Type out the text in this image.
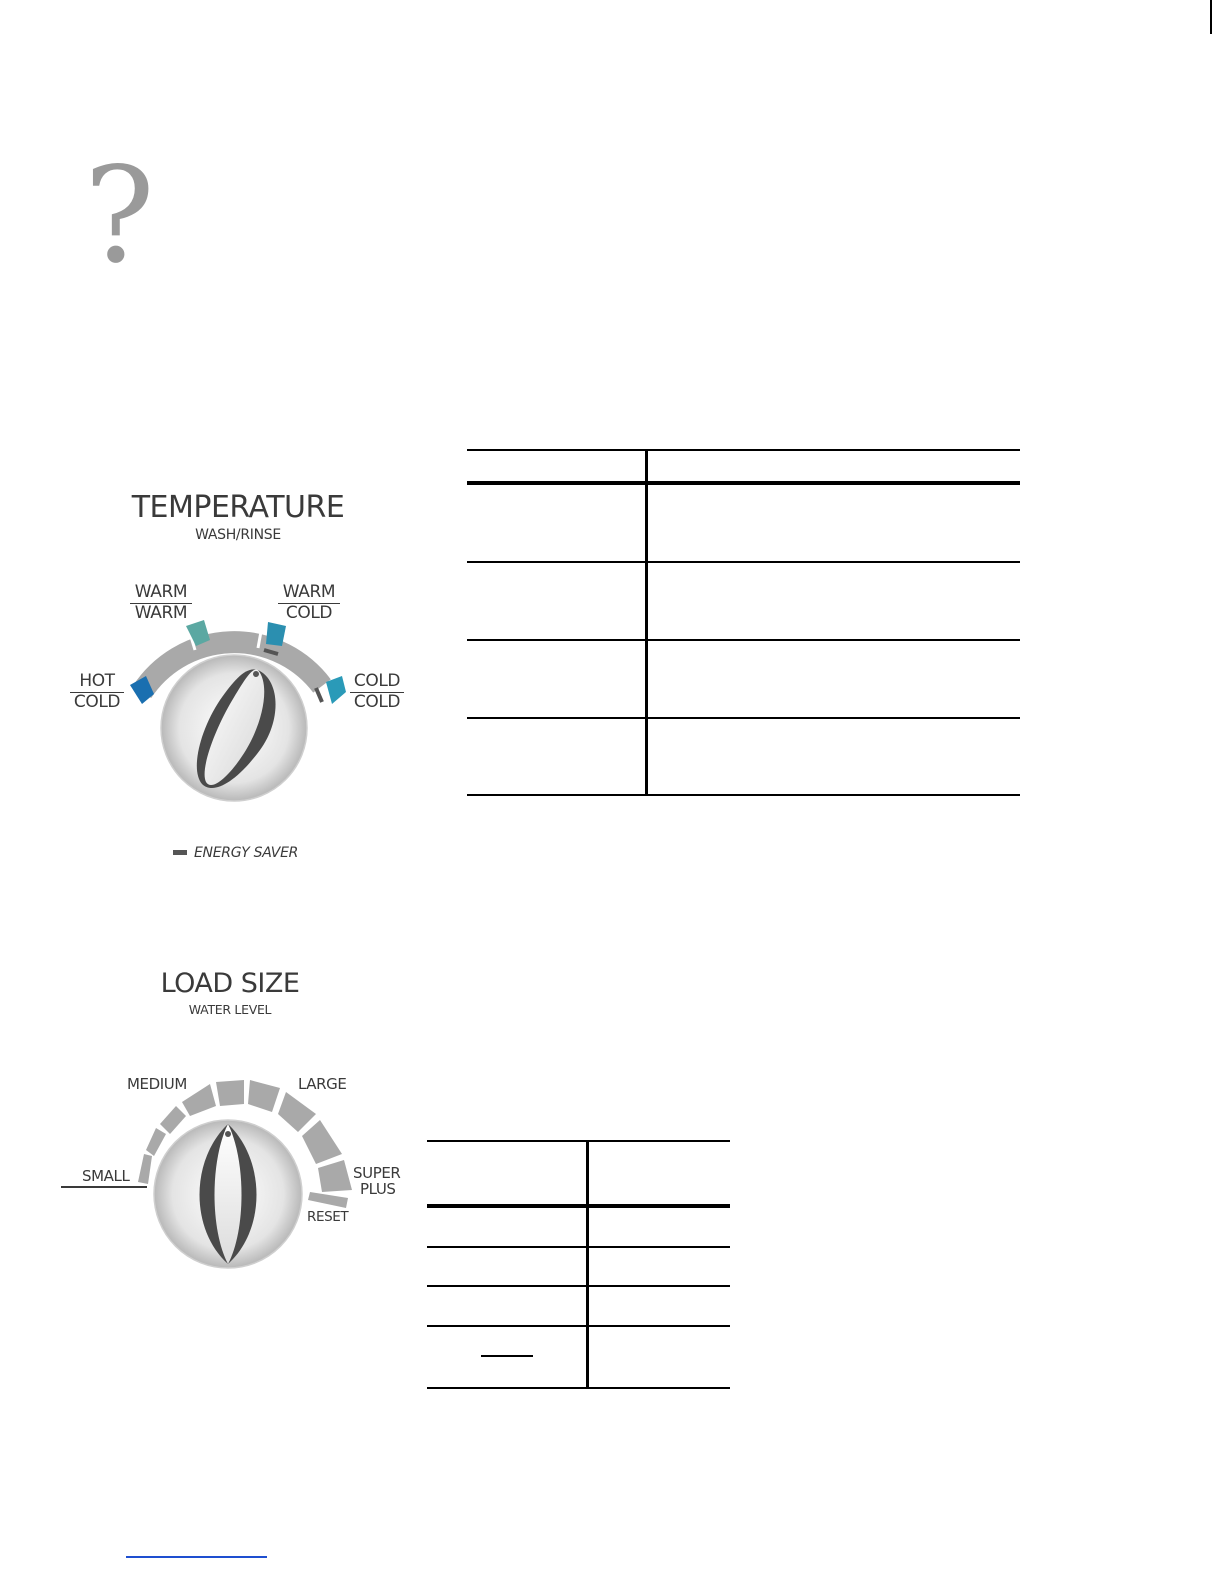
?
TEMPERATURE
WASH/RINSE
HOT
COLD
WARM
WARM
WARM
COLD
COLD
COLD
ENERGY SAVER
LOAD SIZE
WATER LEVEL
MEDIUM	LARGE
SMALL	SUPER
PLUS
RESET
